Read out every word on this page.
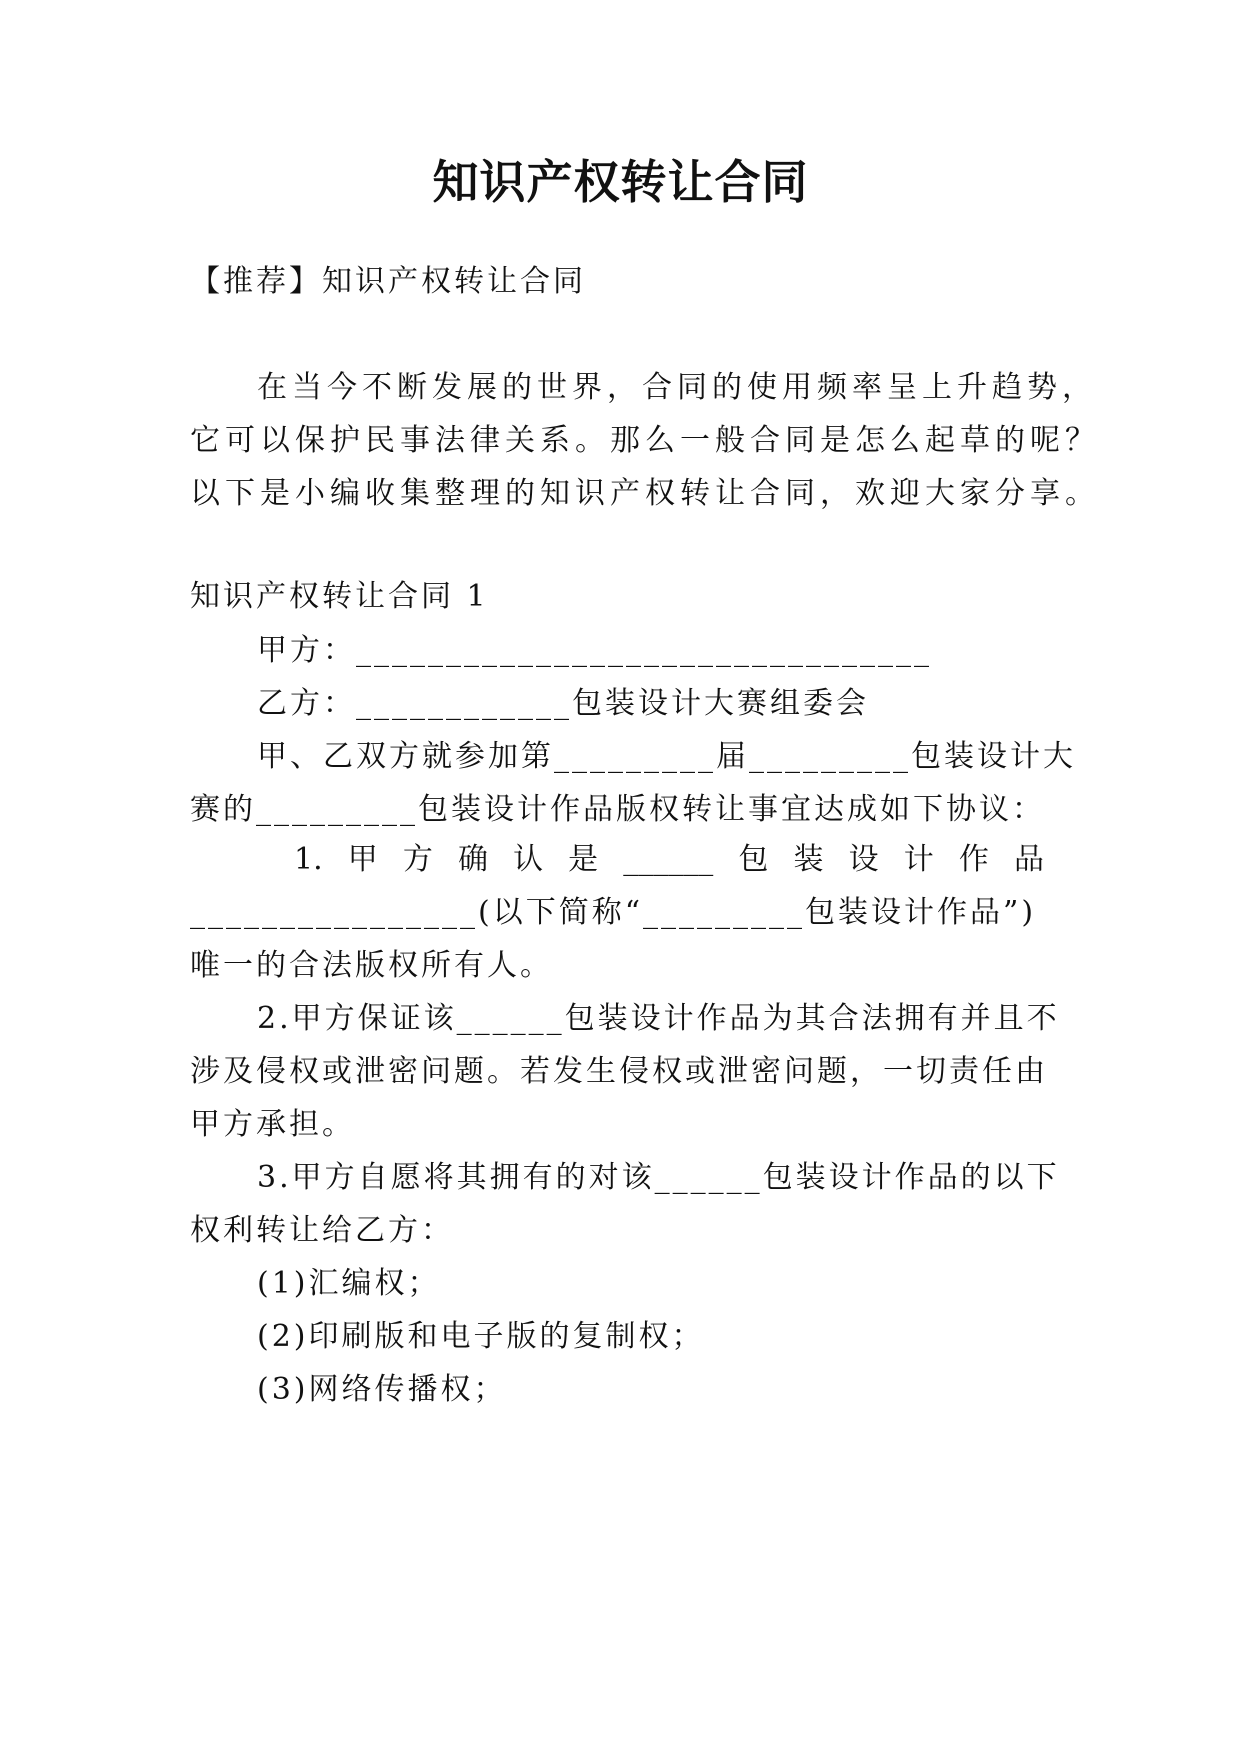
知识产权转让合同
【推荐】知识产权转让合同
在当今不断发展的世界，合同的使用频率呈上升趋势，
它可以保护民事法律关系。那么一般合同是怎么起草的呢？
以下是小编收集整理的知识产权转让合同，欢迎大家分享。
知识产权转让合同 1
甲方：________________________________
乙方：____________包装设计大赛组委会
甲、乙双方就参加第_________届_________包装设计大
赛的_________包装设计作品版权转让事宜达成如下协议：
1. 甲 方 确 认 是 ______ 包 装 设 计 作 品
________________(以下简称“_________包装设计作品”)
唯一的合法版权所有人。
2.甲方保证该______包装设计作品为其合法拥有并且不
涉及侵权或泄密问题。若发生侵权或泄密问题，一切责任由
甲方承担。
3.甲方自愿将其拥有的对该______包装设计作品的以下
权利转让给乙方：
(1)汇编权；
(2)印刷版和电子版的复制权；
(3)网络传播权；
